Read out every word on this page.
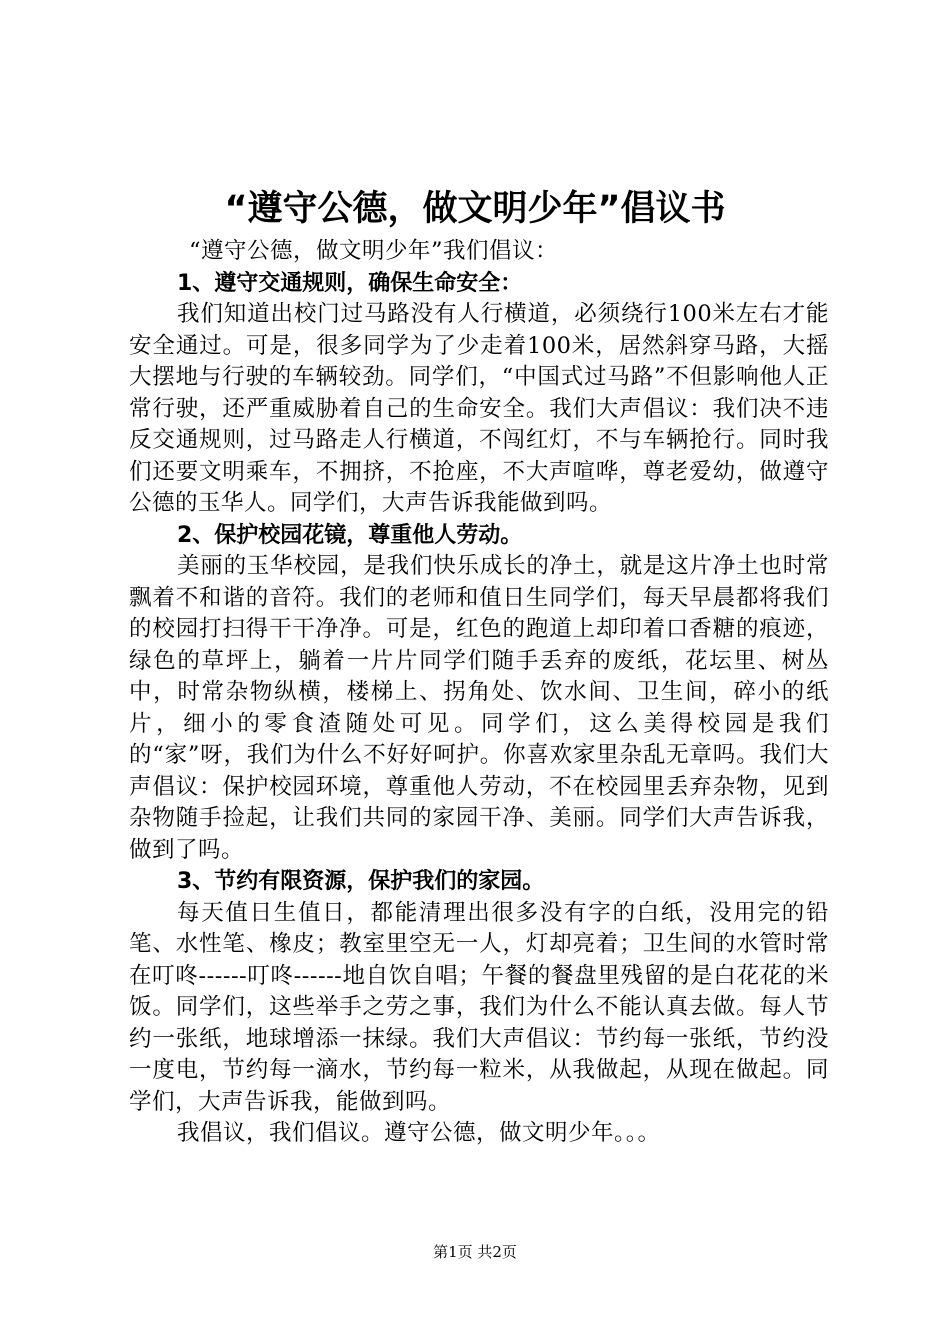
“遵守公德，做文明少年”倡议书

“遵守公德，做文明少年”我们倡议：

1、遵守交通规则，确保生命安全：

我们知道出校门过马路没有人行横道，必须绕行100米左右才能安全通过。可是，很多同学为了少走着100米，居然斜穿马路，大摇大摆地与行驶的车辆较劲。同学们，“中国式过马路”不但影响他人正常行驶，还严重威胁着自己的生命安全。我们大声倡议：我们决不违反交通规则，过马路走人行横道，不闯红灯，不与车辆抢行。同时我们还要文明乘车，不拥挤，不抢座，不大声喧哗，尊老爱幼，做遵守公德的玉华人。同学们，大声告诉我能做到吗。

2、保护校园花镜，尊重他人劳动。

美丽的玉华校园，是我们快乐成长的净土，就是这片净土也时常飘着不和谐的音符。我们的老师和值日生同学们，每天早晨都将我们的校园打扫得干干净净。可是，红色的跑道上却印着口香糖的痕迹，绿色的草坪上，躺着一片片同学们随手丢弃的废纸，花坛里、树丛中，时常杂物纵横，楼梯上、拐角处、饮水间、卫生间，碎小的纸片，细小的零食渣随处可见。同学们，这么美得校园是我们的“家”呀，我们为什么不好好呵护。你喜欢家里杂乱无章吗。我们大声倡议：保护校园环境，尊重他人劳动，不在校园里丢弃杂物，见到杂物随手捡起，让我们共同的家园干净、美丽。同学们大声告诉我，做到了吗。

3、节约有限资源，保护我们的家园。

每天值日生值日，都能清理出很多没有字的白纸，没用完的铅笔、水性笔、橡皮；教室里空无一人，灯却亮着；卫生间的水管时常在叮咚------叮咚------地自饮自唱；午餐的餐盘里残留的是白花花的米饭。同学们，这些举手之劳之事，我们为什么不能认真去做。每人节约一张纸，地球增添一抹绿。我们大声倡议：节约每一张纸，节约没一度电，节约每一滴水，节约每一粒米，从我做起，从现在做起。同学们，大声告诉我，能做到吗。

我倡议，我们倡议。遵守公德，做文明少年。。。

第1页 共2页
